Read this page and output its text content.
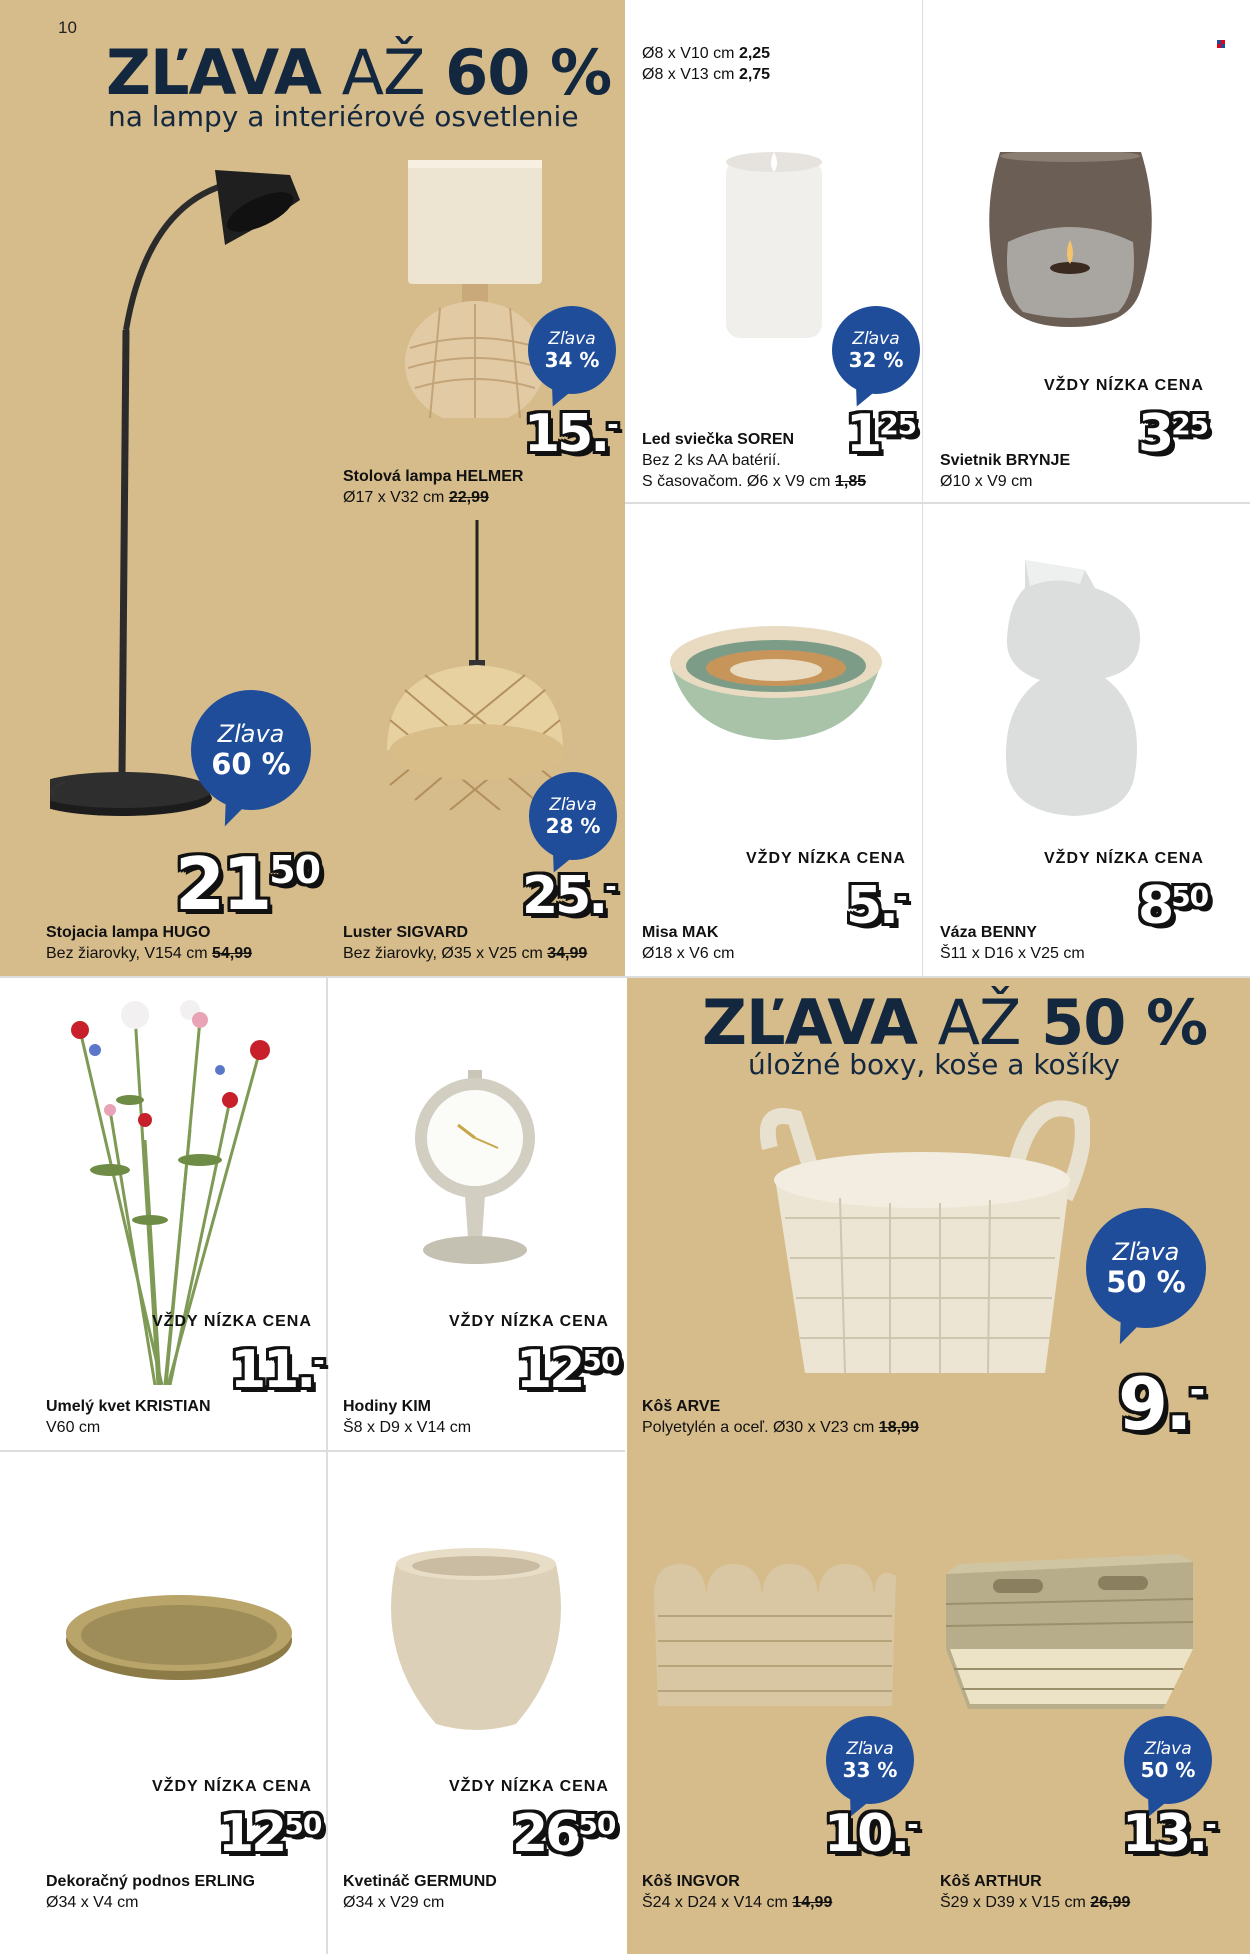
10
ZĽAVA AŽ 60 %
na lampy a interiérové osvetlenie
Zľava
60 %
21 50
Stojacia lampa HUGO
Bez žiarovky, V154 cm 54,99
Zľava
34 %
15. -
Stolová lampa HELMER
Ø17 x V32 cm 22,99
Zľava
28 %
25. -
Luster SIGVARD
Bez žiarovky, Ø35 x V25 cm 34,99
Ø8 x V10 cm 2,25
Ø8 x V13 cm 2,75
Zľava
32 %
1 25
Led sviečka SOREN
Bez 2 ks AA batérií.
S časovačom. Ø6 x V9 cm 1,85
VŽDY NÍZKA CENA
3 25
Svietnik BRYNJE
Ø10 x V9 cm
VŽDY NÍZKA CENA
5. -
Misa MAK
Ø18 x V6 cm
VŽDY NÍZKA CENA
8 50
Váza BENNY
Š11 x D16 x V25 cm
VŽDY NÍZKA CENA
11. -
Umelý kvet KRISTIAN
V60 cm
VŽDY NÍZKA CENA
12 50
Hodiny KIM
Š8 x D9 x V14 cm
ZĽAVA AŽ 50 %
úložné boxy, koše a košíky
Zľava
50 %
9. -
Kôš ARVE
Polyetylén a oceľ. Ø30 x V23 cm 18,99
VŽDY NÍZKA CENA
12 50
Dekoračný podnos ERLING
Ø34 x V4 cm
VŽDY NÍZKA CENA
26 50
Kvetináč GERMUND
Ø34 x V29 cm
Zľava
33 %
10. -
Kôš INGVOR
Š24 x D24 x V14 cm 14,99
Zľava
50 %
13. -
Kôš ARTHUR
Š29 x D39 x V15 cm 26,99
